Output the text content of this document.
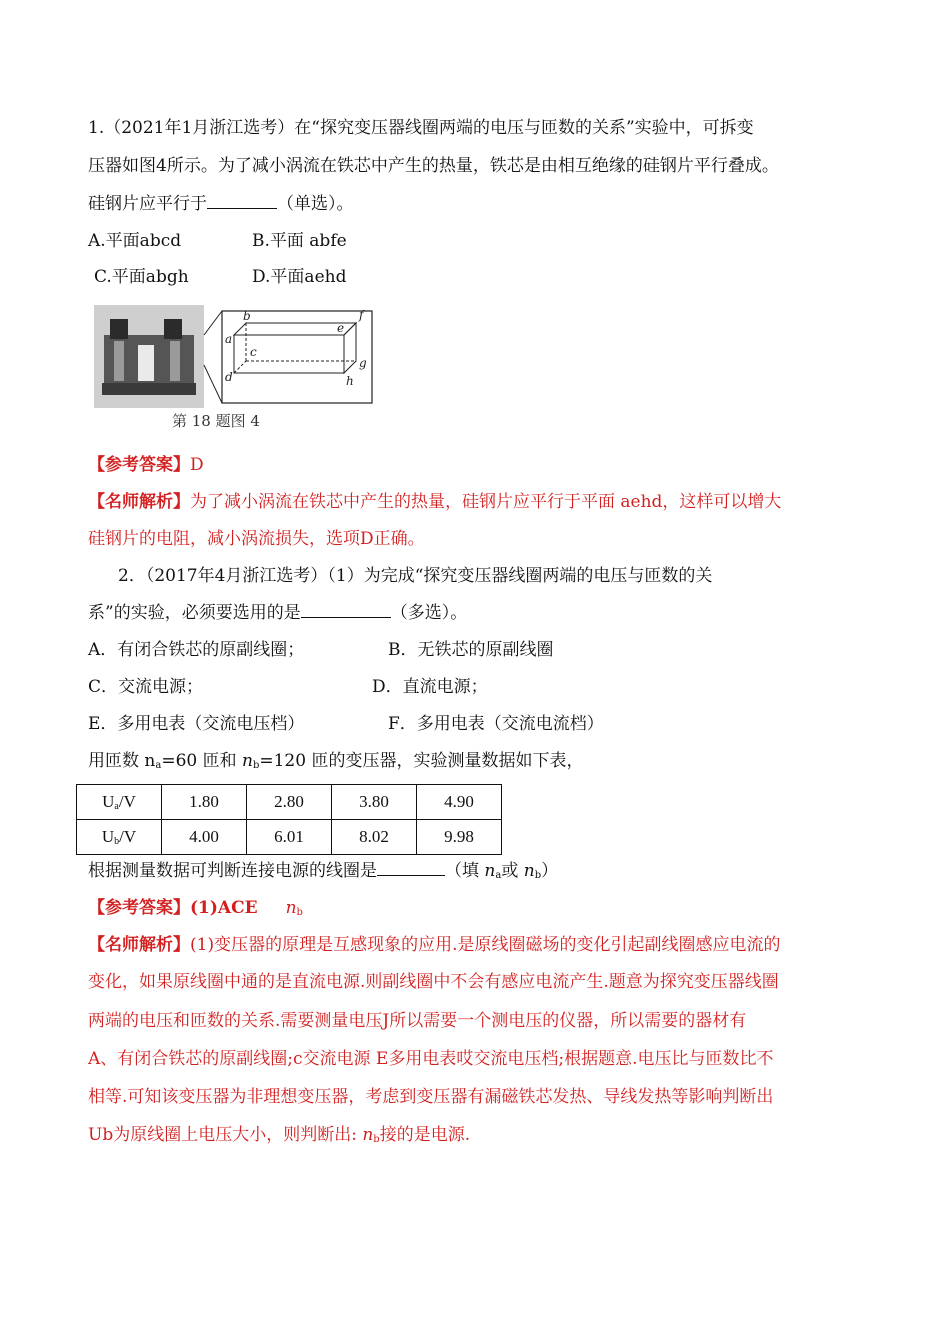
1.（2021年1月浙江选考）在“探究变压器线圈两端的电压与匝数的关系”实验中，可拆变
压器如图4所示。为了减小涡流在铁芯中产生的热量，铁芯是由相互绝缘的硅钢片平行叠成。
硅钢片应平行于	（单选）。
A.平面abcd	B.平面 abfe
C.平面abgh	D.平面aehd
b	f
e
a
c
g
d	h
第 18 题图 4
【参考答案】D
【名师解析】为了减小涡流在铁芯中产生的热量，硅钢片应平行于平面 aehd，这样可以增大
硅钢片的电阻，减小涡流损失，选项D正确。
2．（2017年4月浙江选考）（1）为完成“探究变压器线圈两端的电压与匝数的关
系”的实验，必须要选用的是	（多选）。
A．有闭合铁芯的原副线圈；	B．无铁芯的原副线圈
C．交流电源；	D．直流电源；
E．多用电表（交流电压档）	F．多用电表（交流电流档）
用匝数 $n_a=60$ 匝和 $n_b=120$ 匝的变压器，实验测量数据如下表，
$U_a/V$	1.80	2.80	3.80	4.90
$U_b/V$	4.00	6.01	8.02	9.98
根据测量数据可判断连接电源的线圈是	（填 $n_a$或 $n_b$）
【参考答案】(1)ACE $n_b$
【名师解析】(1)变压器的原理是互感现象的应用.是原线圈磁场的变化引起副线圈感应电流的
变化，如果原线圈中通的是直流电源.则副线圈中不会有感应电流产生.题意为探究变压器线圈
两端的电压和匝数的关系.需要测量电压J所以需要一个测电压的仪器，所以需要的器材有
A、有闭合铁芯的原副线圈;c交流电源 E多用电表哎交流电压档;根据题意.电压比与匝数比不
相等.可知该变压器为非理想变压器，考虑到变压器有漏磁铁芯发热、导线发热等影响判断出
Ub为原线圈上电压大小，则判断出: $n_b$接的是电源.
